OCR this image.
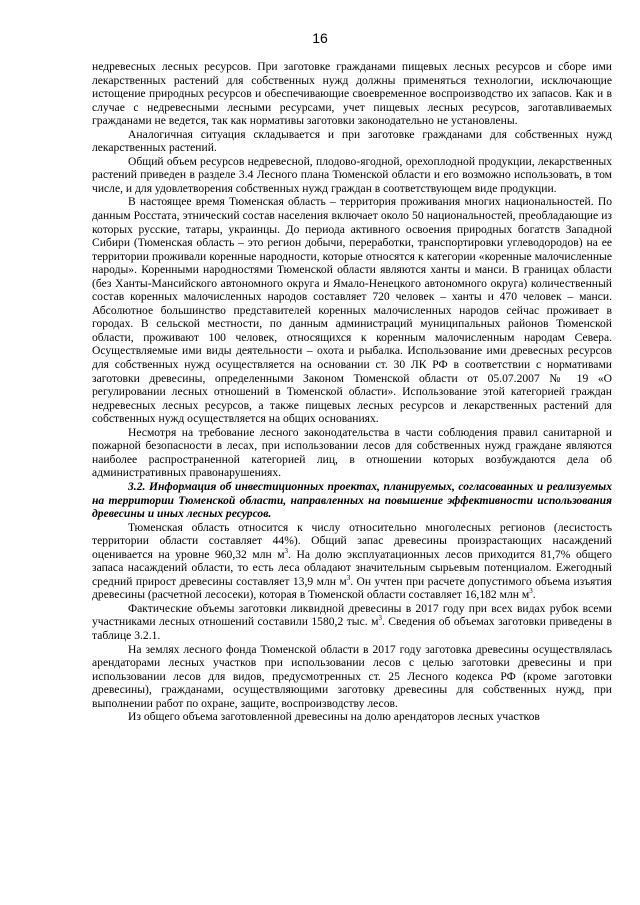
16

недревесных лесных ресурсов. При заготовке гражданами пищевых лесных ресурсов и сборе ими лекарственных растений для собственных нужд должны применяться технологии, исключающие истощение природных ресурсов и обеспечивающие своевременное воспроизводство их запасов. Как и в случае с недревесными лесными ресурсами, учет пищевых лесных ресурсов, заготавливаемых гражданами не ведется, так как нормативы заготовки законодательно не установлены.

Аналогичная ситуация складывается и при заготовке гражданами для собственных нужд лекарственных растений.

Общий объем ресурсов недревесной, плодово-ягодной, орехоплодной продукции, лекарственных растений приведен в разделе 3.4 Лесного плана Тюменской области и его возможно использовать, в том числе, и для удовлетворения собственных нужд граждан в соответствующем виде продукции.

В настоящее время Тюменская область – территория проживания многих национальностей. По данным Росстата, этнический состав населения включает около 50 национальностей, преобладающие из которых русские, татары, украинцы. До периода активного освоения природных богатств Западной Сибири (Тюменская область – это регион добычи, переработки, транспортировки углеводородов) на ее территории проживали коренные народности, которые относятся к категории «коренные малочисленные народы». Коренными народностями Тюменской области являются ханты и манси. В границах области (без Ханты-Мансийского автономного округа и Ямало-Ненецкого автономного округа) количественный состав коренных малочисленных народов составляет 720 человек – ханты и 470 человек – манси. Абсолютное большинство представителей коренных малочисленных народов сейчас проживает в городах. В сельской местности, по данным администраций муниципальных районов Тюменской области, проживают 100 человек, относящихся к коренным малочисленным народам Севера. Осуществляемые ими виды деятельности – охота и рыбалка. Использование ими древесных ресурсов для собственных нужд осуществляется на основании ст. 30 ЛК РФ в соответствии с нормативами заготовки древесины, определенными Законом Тюменской области от 05.07.2007 № 19 «О регулировании лесных отношений в Тюменской области». Использование этой категорией граждан недревесных лесных ресурсов, а также пищевых лесных ресурсов и лекарственных растений для собственных нужд осуществляется на общих основаниях.

Несмотря на требование лесного законодательства в части соблюдения правил санитарной и пожарной безопасности в лесах, при использовании лесов для собственных нужд граждане являются наиболее распространенной категорией лиц, в отношении которых возбуждаются дела об административных правонарушениях.

3.2. Информация об инвестиционных проектах, планируемых, согласованных и реализуемых на территории Тюменской области, направленных на повышение эффективности использования древесины и иных лесных ресурсов.

Тюменская область относится к числу относительно многолесных регионов (лесистость территории области составляет 44%). Общий запас древесины произрастающих насаждений оценивается на уровне 960,32 млн $м^3$. На долю эксплуатационных лесов приходится 81,7% общего запаса насаждений области, то есть леса обладают значительным сырьевым потенциалом. Ежегодный средний прирост древесины составляет 13,9 млн $м^3$. Он учтен при расчете допустимого объема изъятия древесины (расчетной лесосеки), которая в Тюменской области составляет 16,182 млн $м^3$.

Фактические объемы заготовки ликвидной древесины в 2017 году при всех видах рубок всеми участниками лесных отношений составили 1580,2 тыс. $м^3$. Сведения об объемах заготовки приведены в таблице 3.2.1.

На землях лесного фонда Тюменской области в 2017 году заготовка древесины осуществлялась арендаторами лесных участков при использовании лесов с целью заготовки древесины и при использовании лесов для видов, предусмотренных ст. 25 Лесного кодекса РФ (кроме заготовки древесины), гражданами, осуществляющими заготовку древесины для собственных нужд, при выполнении работ по охране, защите, воспроизводству лесов.

Из общего объема заготовленной древесины на долю арендаторов лесных участков
